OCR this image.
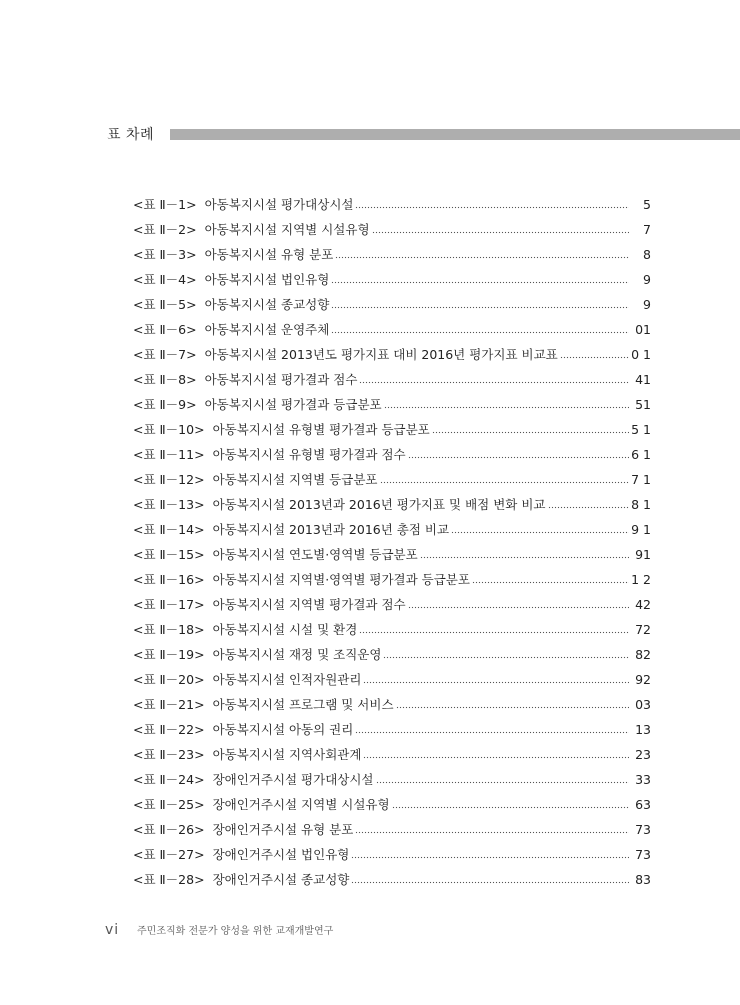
표 차례
<표 Ⅱ－1> 아동복지시설 평가대상시설	5
<표 Ⅱ－2> 아동복지시설 지역별 시설유형	7
<표 Ⅱ－3> 아동복지시설 유형 분포	8
<표 Ⅱ－4> 아동복지시설 법인유형	9
<표 Ⅱ－5> 아동복지시설 종교성향	9
<표 Ⅱ－6> 아동복지시설 운영주체	01
<표 Ⅱ－7> 아동복지시설 2013년도 평가지표 대비 2016년 평가지표 비교표	0 1
<표 Ⅱ－8> 아동복지시설 평가결과 점수	41
<표 Ⅱ－9> 아동복지시설 평가결과 등급분포	51
<표 Ⅱ－10> 아동복지시설 유형별 평가결과 등급분포	5 1
<표 Ⅱ－11> 아동복지시설 유형별 평가결과 점수	6 1
<표 Ⅱ－12> 아동복지시설 지역별 등급분포	7 1
<표 Ⅱ－13> 아동복지시설 2013년과 2016년 평가지표 및 배점 변화 비교	8 1
<표 Ⅱ－14> 아동복지시설 2013년과 2016년 총점 비교	9 1
<표 Ⅱ－15> 아동복지시설 연도별·영역별 등급분포	91
<표 Ⅱ－16> 아동복지시설 지역별·영역별 평가결과 등급분포	1 2
<표 Ⅱ－17> 아동복지시설 지역별 평가결과 점수	42
<표 Ⅱ－18> 아동복지시설 시설 및 환경	72
<표 Ⅱ－19> 아동복지시설 재정 및 조직운영	82
<표 Ⅱ－20> 아동복지시설 인적자원관리	92
<표 Ⅱ－21> 아동복지시설 프로그램 및 서비스	03
<표 Ⅱ－22> 아동복지시설 아동의 권리	13
<표 Ⅱ－23> 아동복지시설 지역사회관계	23
<표 Ⅱ－24> 장애인거주시설 평가대상시설	33
<표 Ⅱ－25> 장애인거주시설 지역별 시설유형	63
<표 Ⅱ－26> 장애인거주시설 유형 분포	73
<표 Ⅱ－27> 장애인거주시설 법인유형	73
<표 Ⅱ－28> 장애인거주시설 종교성향	83
vi 주민조직화 전문가 양성을 위한 교재개발연구
